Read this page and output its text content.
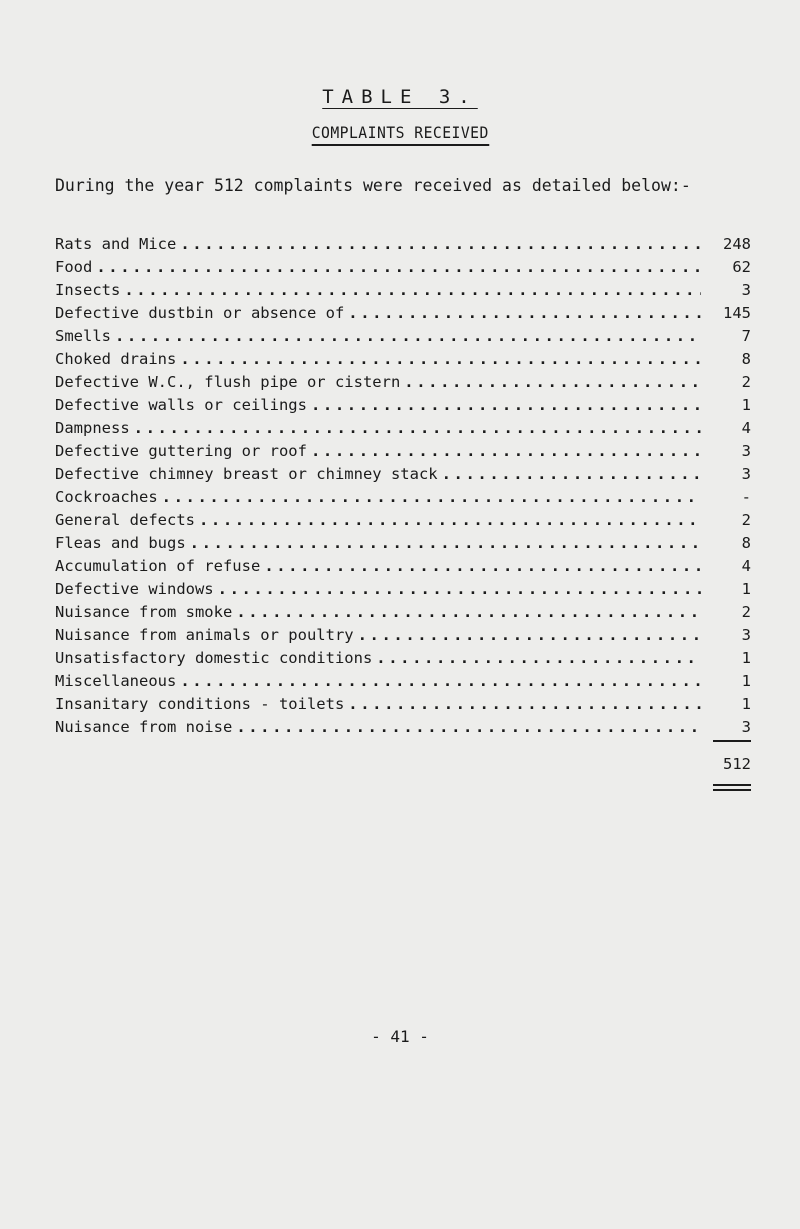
TABLE 3.
COMPLAINTS RECEIVED
During the year 512 complaints were received as detailed below:-
Rats and Mice .....	248
Food .....	62
Insects .....	3
Defective dustbin or absence of .....	145
Smells .....	7
Choked drains .....	8
Defective W.C., flush pipe or cistern .....	2
Defective walls or ceilings .....	1
Dampness .....	4
Defective guttering or roof .....	3
Defective chimney breast or chimney stack .....	3
Cockroaches .....	-
General defects .....	2
Fleas and bugs .....	8
Accumulation of refuse .....	4
Defective windows .....	1
Nuisance from smoke .....	2
Nuisance from animals or poultry .....	3
Unsatisfactory domestic conditions .....	1
Miscellaneous .....	1
Insanitary conditions - toilets .....	1
Nuisance from noise .....	3
512
- 41 -
